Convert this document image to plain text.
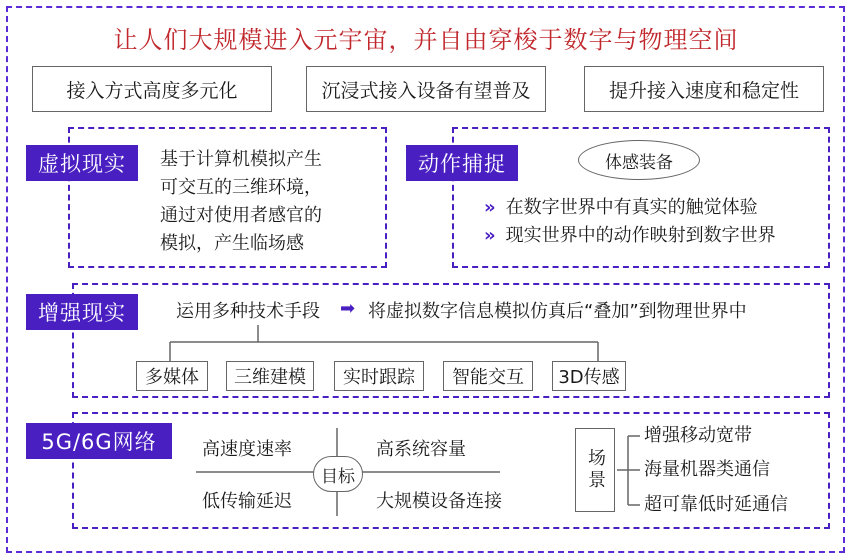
让人们大规模进入元宇宙，并自由穿梭于数字与物理空间
接入方式高度多元化	沉浸式接入设备有望普及	提升接入速度和稳定性
虚拟现实	基于计算机模拟产生
可交互的三维环境，
通过对使用者感官的
模拟，产生临场感
动作捕捉	体感装备
» 在数字世界中有真实的触觉体验
» 现实世界中的动作映射到数字世界
增强现实	运用多种技术手段 ➡ 将虚拟数字信息模拟仿真后“叠加”到物理世界中
多媒体	三维建模	实时跟踪	智能交互	3D传感
5G/6G网络	高速度速率	高系统容量
低传输延迟	大规模设备连接
目标	场景
增强移动宽带
海量机器类通信
超可靠低时延通信
